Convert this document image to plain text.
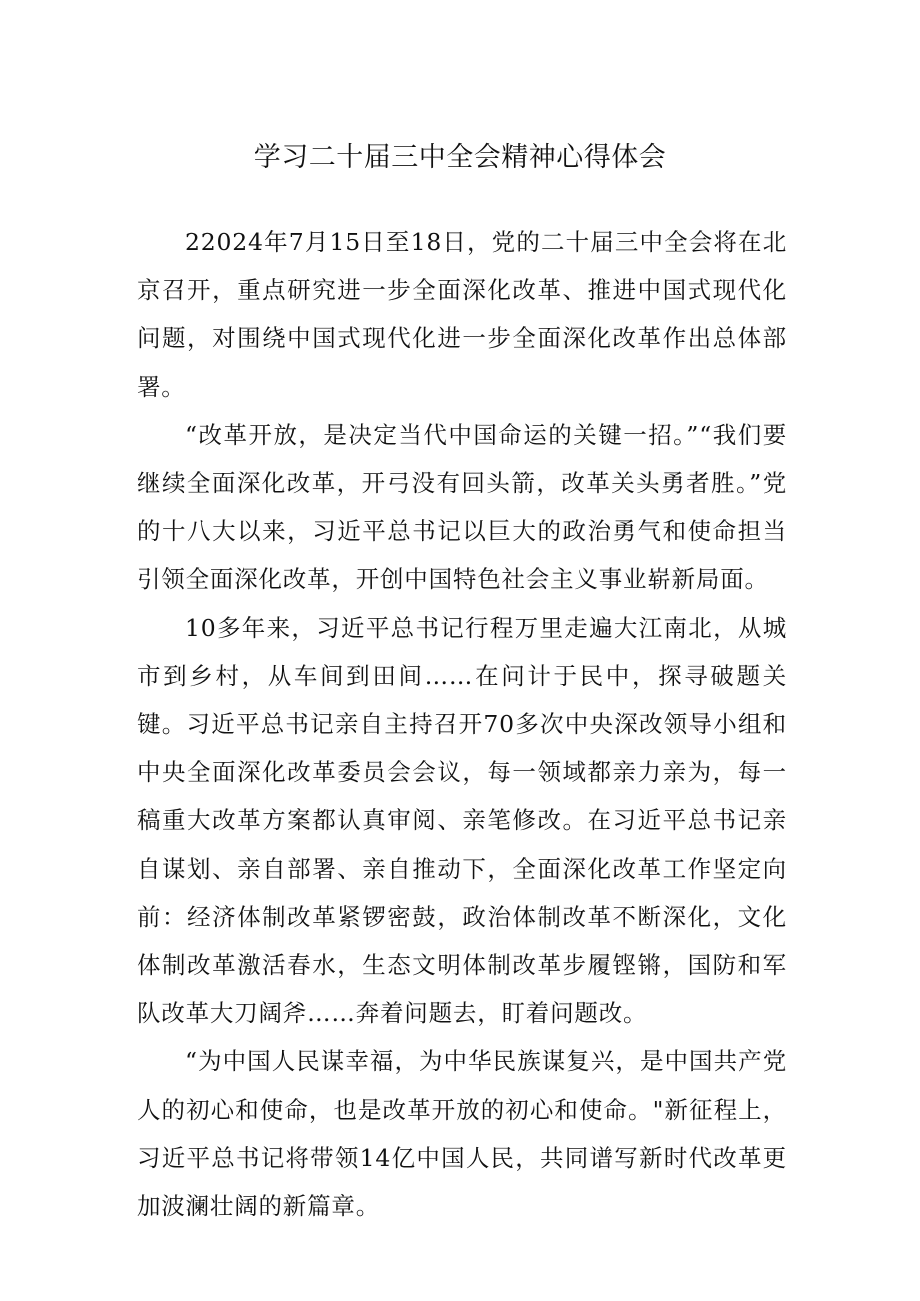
学习二十届三中全会精神心得体会

22024年7月15日至18日，党的二十届三中全会将在北京召开，重点研究进一步全面深化改革、推进中国式现代化问题，对围绕中国式现代化进一步全面深化改革作出总体部署。

“改革开放，是决定当代中国命运的关键一招。”“我们要继续全面深化改革，开弓没有回头箭，改革关头勇者胜。”党的十八大以来，习近平总书记以巨大的政治勇气和使命担当引领全面深化改革，开创中国特色社会主义事业崭新局面。

10多年来，习近平总书记行程万里走遍大江南北，从城市到乡村，从车间到田间……在问计于民中，探寻破题关键。习近平总书记亲自主持召开70多次中央深改领导小组和中央全面深化改革委员会会议，每一领域都亲力亲为，每一稿重大改革方案都认真审阅、亲笔修改。在习近平总书记亲自谋划、亲自部署、亲自推动下，全面深化改革工作坚定向前：经济体制改革紧锣密鼓，政治体制改革不断深化，文化体制改革激活春水，生态文明体制改革步履铿锵，国防和军队改革大刀阔斧……奔着问题去，盯着问题改。

“为中国人民谋幸福，为中华民族谋复兴，是中国共产党人的初心和使命，也是改革开放的初心和使命。"新征程上，习近平总书记将带领14亿中国人民，共同谱写新时代改革更加波澜壮阔的新篇章。
